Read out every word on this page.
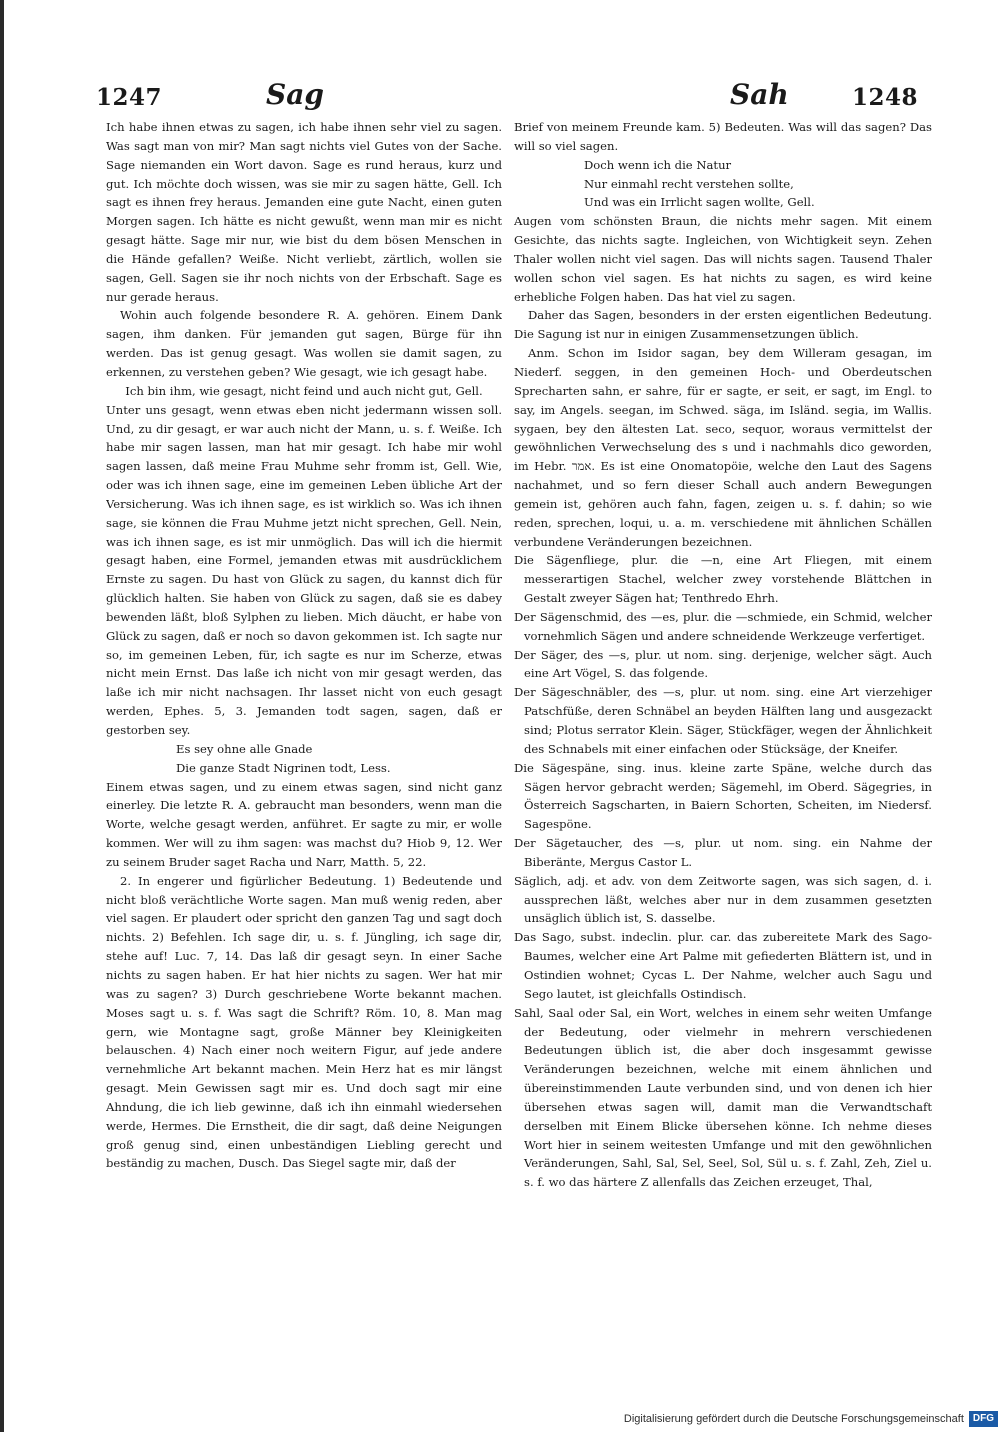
1247	Sag	Sah	1248

Ich habe ihnen etwas zu sagen, ich habe ihnen sehr viel zu sagen. Was sagt man von mir? Man sagt nichts viel Gutes von der Sache. Sage niemanden ein Wort davon. Sage es rund heraus, kurz und gut. Ich möchte doch wissen, was sie mir zu sagen hätte, Gell. Ich sagt es ihnen frey heraus. Jemanden eine gute Nacht, einen guten Morgen sagen. Ich hätte es nicht gewußt, wenn man mir es nicht gesagt hätte. Sage mir nur, wie bist du dem bösen Menschen in die Hände gefallen? Weiße. Nicht verliebt, zärtlich, wollen sie sagen, Gell. Sagen sie ihr noch nichts von der Erbschaft. Sage es nur gerade heraus.

Wohin auch folgende besondere R. A. gehören. Einem Dank sagen, ihm danken. Für jemanden gut sagen, Bürge für ihn werden. Das ist genug gesagt. Was wollen sie damit sagen, zu erkennen, zu verstehen geben? Wie gesagt, wie ich gesagt habe.

Ich bin ihm, wie gesagt, nicht feind und auch nicht gut, Gell.

Unter uns gesagt, wenn etwas eben nicht jedermann wissen soll. Und, zu dir gesagt, er war auch nicht der Mann, u. s. f. Weiße. Ich habe mir sagen lassen, man hat mir gesagt. Ich habe mir wohl sagen lassen, daß meine Frau Muhme sehr fromm ist, Gell. Wie, oder was ich ihnen sage, eine im gemeinen Leben übliche Art der Versicherung. Was ich ihnen sage, es ist wirklich so. Was ich ihnen sage, sie können die Frau Muhme jetzt nicht sprechen, Gell. Nein, was ich ihnen sage, es ist mir unmöglich. Das will ich die hiermit gesagt haben, eine Formel, jemanden etwas mit ausdrücklichem Ernste zu sagen. Du hast von Glück zu sagen, du kannst dich für glücklich halten. Sie haben von Glück zu sagen, daß sie es dabey bewenden läßt, bloß Sylphen zu lieben. Mich däucht, er habe von Glück zu sagen, daß er noch so davon gekommen ist. Ich sagte nur so, im gemeinen Leben, für, ich sagte es nur im Scherze, etwas nicht mein Ernst. Das laße ich nicht von mir gesagt werden, das laße ich mir nicht nachsagen. Ihr lasset nicht von euch gesagt werden, Ephes. 5, 3. Jemanden todt sagen, sagen, daß er gestorben sey.

Es sey ohne alle Gnade

Die ganze Stadt Nigrinen todt, Less.

Einem etwas sagen, und zu einem etwas sagen, sind nicht ganz einerley. Die letzte R. A. gebraucht man besonders, wenn man die Worte, welche gesagt werden, anführet. Er sagte zu mir, er wolle kommen. Wer will zu ihm sagen: was machst du? Hiob 9, 12. Wer zu seinem Bruder saget Racha und Narr, Matth. 5, 22.

2. In engerer und figürlicher Bedeutung. 1) Bedeutende und nicht bloß verächtliche Worte sagen. Man muß wenig reden, aber viel sagen. Er plaudert oder spricht den ganzen Tag und sagt doch nichts. 2) Befehlen. Ich sage dir, u. s. f. Jüngling, ich sage dir, stehe auf! Luc. 7, 14. Das laß dir gesagt seyn. In einer Sache nichts zu sagen haben. Er hat hier nichts zu sagen. Wer hat mir was zu sagen? 3) Durch geschriebene Worte bekannt machen. Moses sagt u. s. f. Was sagt die Schrift? Röm. 10, 8. Man mag gern, wie Montagne sagt, große Männer bey Kleinigkeiten belauschen. 4) Nach einer noch weitern Figur, auf jede andere vernehmliche Art bekannt machen. Mein Herz hat es mir längst gesagt. Mein Gewissen sagt mir es. Und doch sagt mir eine Ahndung, die ich lieb gewinne, daß ich ihn einmahl wiedersehen werde, Hermes. Die Ernstheit, die dir sagt, daß deine Neigungen groß genug sind, einen unbeständigen Liebling gerecht und beständig zu machen, Dusch. Das Siegel sagte mir, daß der

Brief von meinem Freunde kam. 5) Bedeuten. Was will das sagen? Das will so viel sagen.

Doch wenn ich die Natur

Nur einmahl recht verstehen sollte,

Und was ein Irrlicht sagen wollte, Gell.

Augen vom schönsten Braun, die nichts mehr sagen. Mit einem Gesichte, das nichts sagte. Ingleichen, von Wichtigkeit seyn. Zehen Thaler wollen nicht viel sagen. Das will nichts sagen. Tausend Thaler wollen schon viel sagen. Es hat nichts zu sagen, es wird keine erhebliche Folgen haben. Das hat viel zu sagen.

Daher das Sagen, besonders in der ersten eigentlichen Bedeutung. Die Sagung ist nur in einigen Zusammensetzungen üblich.

Anm. Schon im Isidor sagan, bey dem Willeram gesagan, im Niederf. seggen, in den gemeinen Hoch- und Oberdeutschen Sprecharten sahn, er sahre, für er sagte, er seit, er sagt, im Engl. to say, im Angels. seegan, im Schwed. säga, im Isländ. segia, im Wallis. sygaen, bey den ältesten Lat. seco, sequor, woraus vermittelst der gewöhnlichen Verwechselung des s und i nachmahls dico geworden, im Hebr. אמר. Es ist eine Onomatopöie, welche den Laut des Sagens nachahmet, und so fern dieser Schall auch andern Bewegungen gemein ist, gehören auch fahn, fagen, zeigen u. s. f. dahin; so wie reden, sprechen, loqui, u. a. m. verschiedene mit ähnlichen Schällen verbundene Veränderungen bezeichnen.

Die Sägenfliege, plur. die —n, eine Art Fliegen, mit einem messerartigen Stachel, welcher zwey vorstehende Blättchen in Gestalt zweyer Sägen hat; Tenthredo Ehrh.

Der Sägenschmid, des —es, plur. die —schmiede, ein Schmid, welcher vornehmlich Sägen und andere schneidende Werkzeuge verfertiget.

Der Säger, des —s, plur. ut nom. sing. derjenige, welcher sägt. Auch eine Art Vögel, S. das folgende.

Der Sägeschnäbler, des —s, plur. ut nom. sing. eine Art vierzehiger Patschfüße, deren Schnäbel an beyden Hälften lang und ausgezackt sind; Plotus serrator Klein. Säger, Stückfäger, wegen der Ähnlichkeit des Schnabels mit einer einfachen oder Stücksäge, der Kneifer.

Die Sägespäne, sing. inus. kleine zarte Späne, welche durch das Sägen hervor gebracht werden; Sägemehl, im Oberd. Sägegries, in Österreich Sagscharten, in Baiern Schorten, Scheiten, im Niedersf. Sagespöne.

Der Sägetaucher, des —s, plur. ut nom. sing. ein Nahme der Biberänte, Mergus Castor L.

Säglich, adj. et adv. von dem Zeitworte sagen, was sich sagen, d. i. aussprechen läßt, welches aber nur in dem zusammen gesetzten unsäglich üblich ist, S. dasselbe.

Das Sago, subst. indeclin. plur. car. das zubereitete Mark des Sago-Baumes, welcher eine Art Palme mit gefiederten Blättern ist, und in Ostindien wohnet; Cycas L. Der Nahme, welcher auch Sagu und Sego lautet, ist gleichfalls Ostindisch.

Sahl, Saal oder Sal, ein Wort, welches in einem sehr weiten Umfange der Bedeutung, oder vielmehr in mehrern verschiedenen Bedeutungen üblich ist, die aber doch insgesammt gewisse Veränderungen bezeichnen, welche mit einem ähnlichen und übereinstimmenden Laute verbunden sind, und von denen ich hier übersehen etwas sagen will, damit man die Verwandtschaft derselben mit Einem Blicke übersehen könne. Ich nehme dieses Wort hier in seinem weitesten Umfange und mit den gewöhnlichen Veränderungen, Sahl, Sal, Sel, Seel, Sol, Sül u. s. f. Zahl, Zeh, Ziel u. s. f. wo das härtere Z allenfalls das Zeichen erzeuget, Thal,

Digitalisierung gefördert durch die Deutsche Forschungsgemeinschaft DFG
